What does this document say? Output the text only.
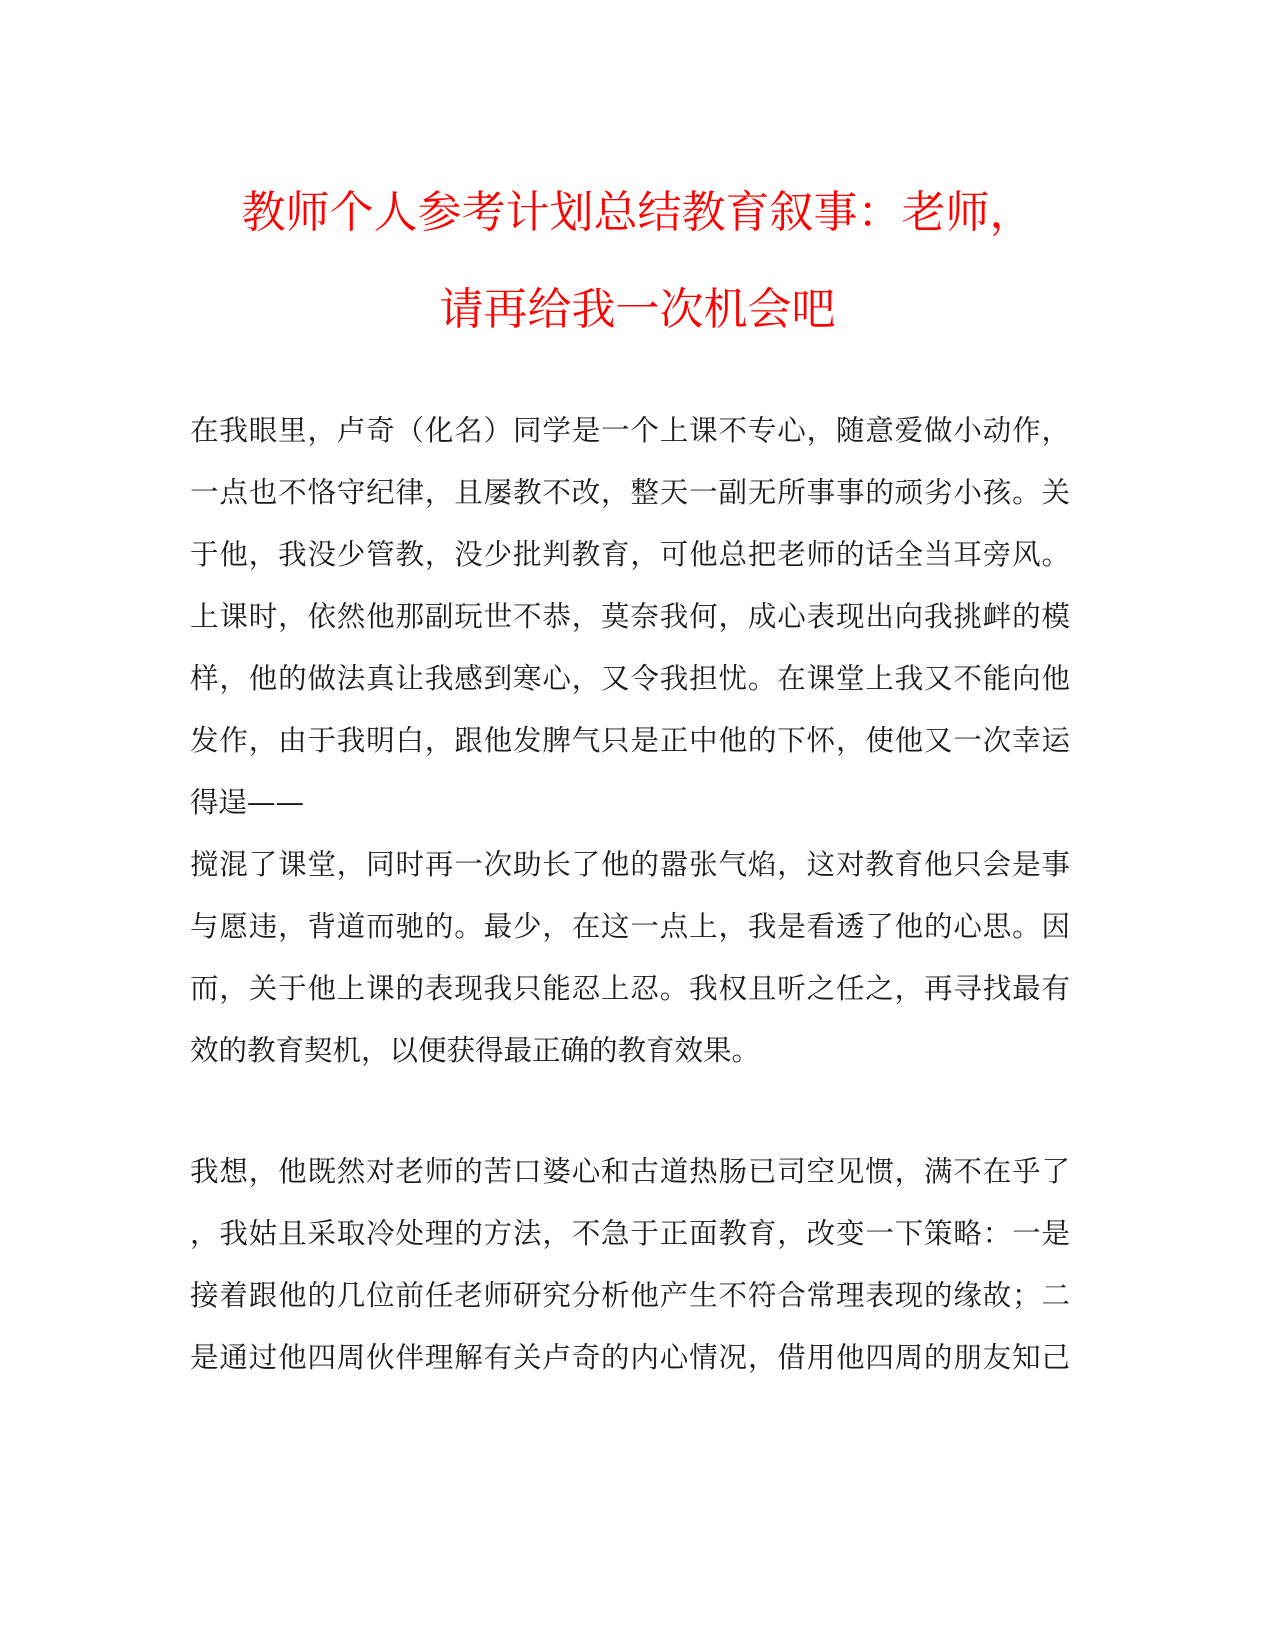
教师个人参考计划总结教育叙事：老师，
请再给我一次机会吧
在我眼里，卢奇（化名）同学是一个上课不专心，随意爱做小动作，
一点也不恪守纪律，且屡教不改，整天一副无所事事的顽劣小孩。关
于他，我没少管教，没少批判教育，可他总把老师的话全当耳旁风。
上课时，依然他那副玩世不恭，莫奈我何，成心表现出向我挑衅的模
样，他的做法真让我感到寒心，又令我担忧。在课堂上我又不能向他
发作，由于我明白，跟他发脾气只是正中他的下怀，使他又一次幸运
得逞——
搅混了课堂，同时再一次助长了他的嚣张气焰，这对教育他只会是事
与愿违，背道而驰的。最少，在这一点上，我是看透了他的心思。因
而，关于他上课的表现我只能忍上忍。我权且听之任之，再寻找最有
效的教育契机，以便获得最正确的教育效果。
我想，他既然对老师的苦口婆心和古道热肠已司空见惯，满不在乎了
，我姑且采取冷处理的方法，不急于正面教育，改变一下策略：一是
接着跟他的几位前任老师研究分析他产生不符合常理表现的缘故；二
是通过他四周伙伴理解有关卢奇的内心情况，借用他四周的朋友知己
